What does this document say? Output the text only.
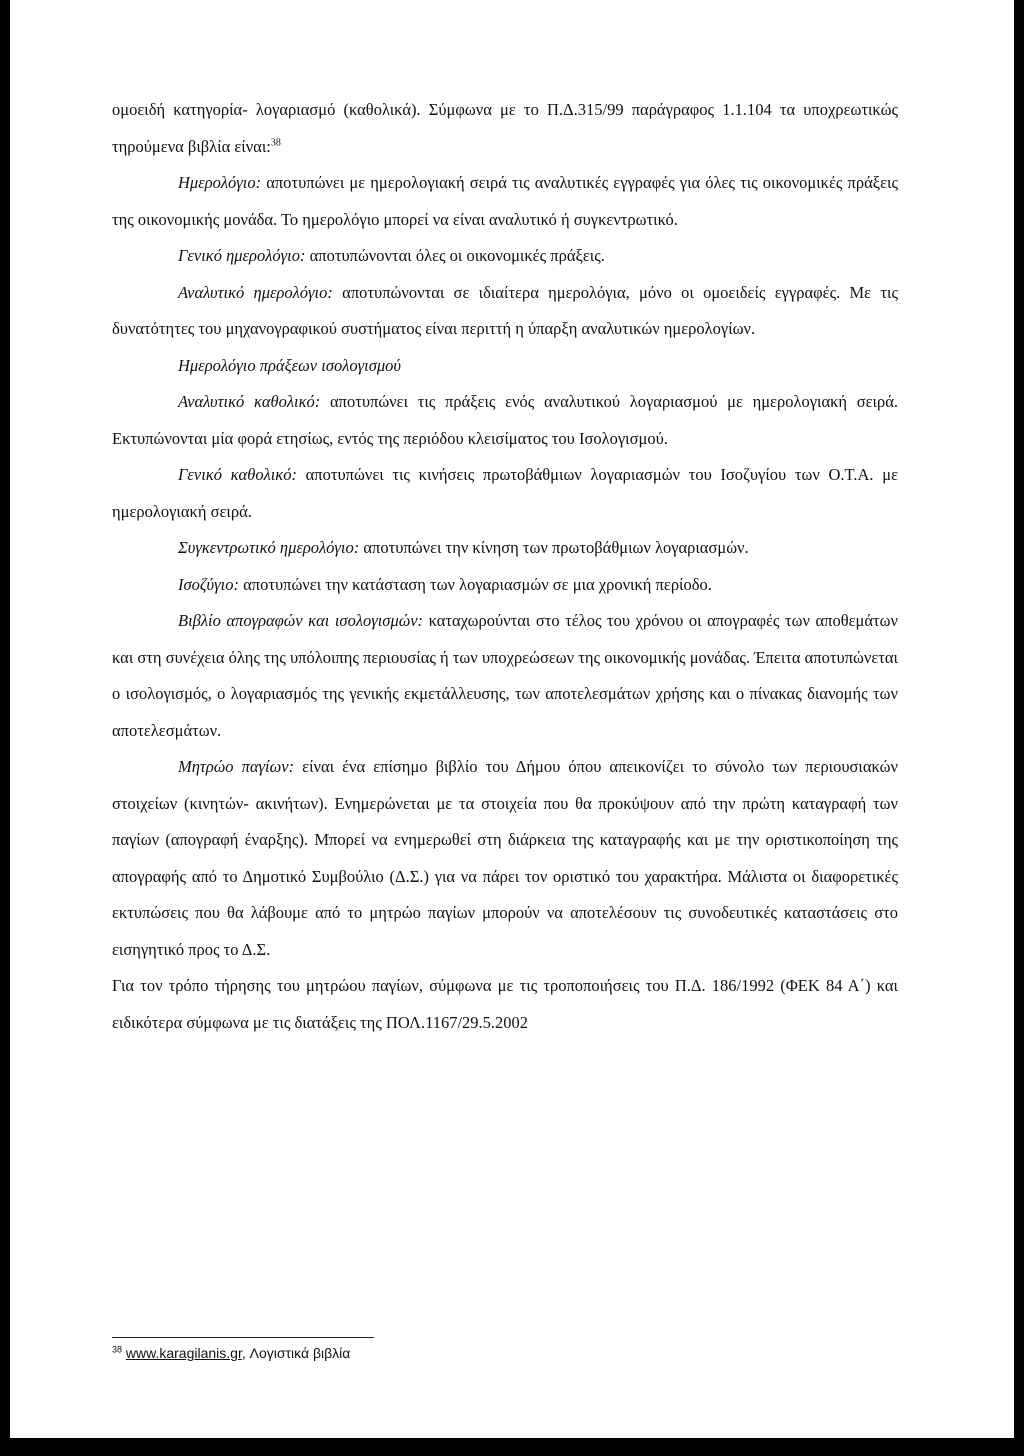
ομοειδή κατηγορία- λογαριασμό (καθολικά). Σύμφωνα με το Π.Δ.315/99 παράγραφος 1.1.104 τα υποχρεωτικώς τηρούμενα βιβλία είναι:$^{38}$

Ημερολόγιο: αποτυπώνει με ημερολογιακή σειρά τις αναλυτικές εγγραφές για όλες τις οικονομικές πράξεις της οικονομικής μονάδα. Το ημερολόγιο μπορεί να είναι αναλυτικό ή συγκεντρωτικό.

Γενικό ημερολόγιο: αποτυπώνονται όλες οι οικονομικές πράξεις.

Αναλυτικό ημερολόγιο: αποτυπώνονται σε ιδιαίτερα ημερολόγια, μόνο οι ομοειδείς εγγραφές. Με τις δυνατότητες του μηχανογραφικού συστήματος είναι περιττή η ύπαρξη αναλυτικών ημερολογίων.

Ημερολόγιο πράξεων ισολογισμού

Αναλυτικό καθολικό: αποτυπώνει τις πράξεις ενός αναλυτικού λογαριασμού με ημερολογιακή σειρά. Εκτυπώνονται μία φορά ετησίως, εντός της περιόδου κλεισίματος του Ισολογισμού.

Γενικό καθολικό: αποτυπώνει τις κινήσεις πρωτοβάθμιων λογαριασμών του Ισοζυγίου των Ο.Τ.Α. με ημερολογιακή σειρά.

Συγκεντρωτικό ημερολόγιο: αποτυπώνει την κίνηση των πρωτοβάθμιων λογαριασμών.

Ισοζύγιο: αποτυπώνει την κατάσταση των λογαριασμών σε μια χρονική περίοδο.

Βιβλίο απογραφών και ισολογισμών: καταχωρούνται στο τέλος του χρόνου οι απογραφές των αποθεμάτων και στη συνέχεια όλης της υπόλοιπης περιουσίας ή των υποχρεώσεων της οικονομικής μονάδας. Έπειτα αποτυπώνεται ο ισολογισμός, ο λογαριασμός της γενικής εκμετάλλευσης, των αποτελεσμάτων χρήσης και ο πίνακας διανομής των αποτελεσμάτων.

Μητρώο παγίων: είναι ένα επίσημο βιβλίο του Δήμου όπου απεικονίζει το σύνολο των περιουσιακών στοιχείων (κινητών- ακινήτων). Ενημερώνεται με τα στοιχεία που θα προκύψουν από την πρώτη καταγραφή των παγίων (απογραφή έναρξης). Μπορεί να ενημερωθεί στη διάρκεια της καταγραφής και με την οριστικοποίηση της απογραφής από το Δημοτικό Συμβούλιο (Δ.Σ.) για να πάρει τον οριστικό του χαρακτήρα. Μάλιστα οι διαφορετικές εκτυπώσεις που θα λάβουμε από το μητρώο παγίων μπορούν να αποτελέσουν τις συνοδευτικές καταστάσεις στο εισηγητικό προς το Δ.Σ.

Για τον τρόπο τήρησης του μητρώου παγίων, σύμφωνα με τις τροποποιήσεις του Π.Δ. 186/1992 (ΦΕΚ 84 Α΄) και ειδικότερα σύμφωνα με τις διατάξεις της ΠΟΛ.1167/29.5.2002

$^{38}$ www.karagilanis.gr, Λογιστικά βιβλία
